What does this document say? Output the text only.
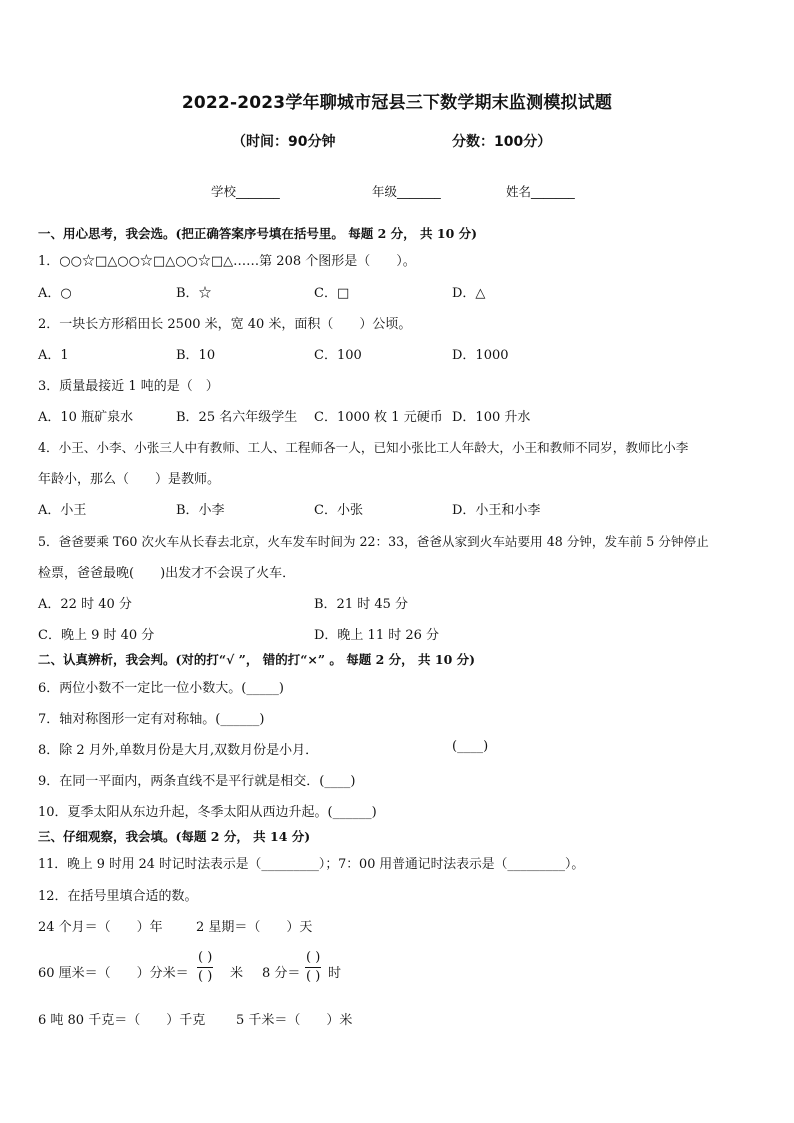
2022-2023学年聊城市冠县三下数学期末监测模拟试题
（时间：90分钟	分数：100分）
学校_______	年级_______	姓名_______
一、用心思考，我会选。(把正确答案序号填在括号里。 每题 2 分， 共 10 分)
1．○○☆□△○○☆□△○○☆□△……第 208 个图形是（　　）。
A．○	B．☆	C．□	D．△
2．一块长方形稻田长 2500 米，宽 40 米，面积（　　）公顷。
A．1	B．10	C．100	D．1000
3．质量最接近 1 吨的是（　）
A．10 瓶矿泉水	B．25 名六年级学生 C．1000 枚 1 元硬币 D．100 升水
4．小王、小李、小张三人中有教师、工人、工程师各一人，已知小张比工人年龄大，小王和教师不同岁，教师比小李
年龄小，那么（　　）是教师。
A．小王	B．小李	C．小张	D．小王和小李
5．爸爸要乘 T60 次火车从长春去北京，火车发车时间为 22：33，爸爸从家到火车站要用 48 分钟，发车前 5 分钟停止
检票，爸爸最晚(　　)出发才不会误了火车．
A．22 时 40 分	B．21 时 45 分
C．晚上 9 时 40 分	D．晚上 11 时 26 分
二、认真辨析，我会判。(对的打“√ ”， 错的打“×” 。 每题 2 分， 共 10 分)
6．两位小数不一定比一位小数大。(_____)
7．轴对称图形一定有对称轴。(______)
8．除 2 月外,单数月份是大月,双数月份是小月．	(____)
9．在同一平面内，两条直线不是平行就是相交．(____)
10．夏季太阳从东边升起，冬季太阳从西边升起。(______)
三、仔细观察，我会填。(每题 2 分， 共 14 分)
11．晚上 9 时用 24 时记时法表示是（_________）；7：00 用普通记时法表示是（_________）。
12．在括号里填合适的数。
24 个月＝（　　）年	2 星期＝（　　）天
60 厘米＝（　　）分米＝
( )
( ) 米 8 分＝
( )
( ) 时
6 吨 80 千克＝（　　）千克 5 千米＝（　　）米
